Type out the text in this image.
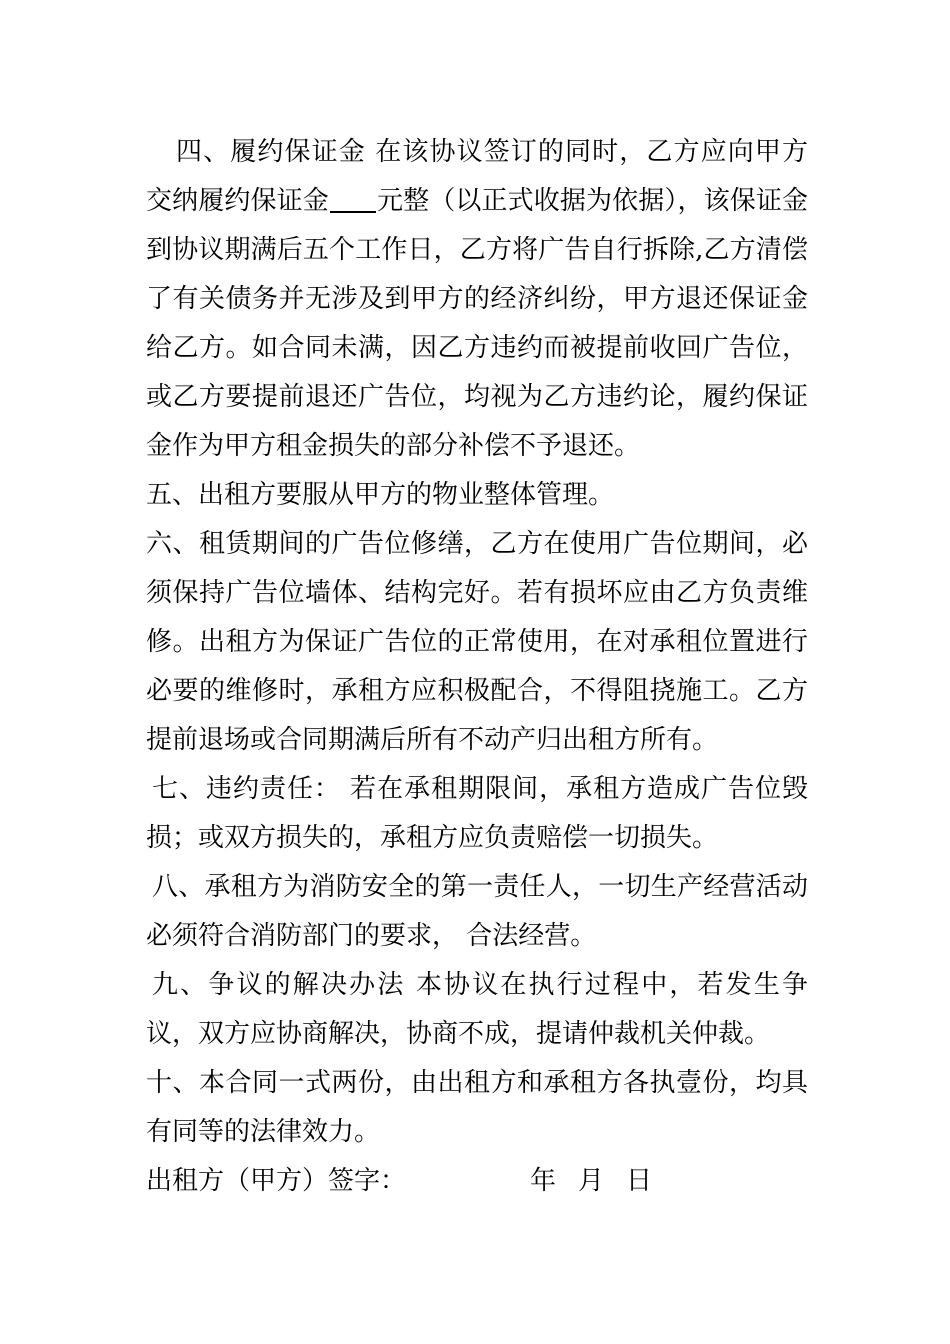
四、履约保证金 在该协议签订的同时，乙方应向甲方交纳履约保证金 元整（以正式收据为依据），该保证金到协议期满后五个工作日，乙方将广告自行拆除,乙方清偿了有关债务并无涉及到甲方的经济纠纷，甲方退还保证金给乙方。如合同未满，因乙方违约而被提前收回广告位，或乙方要提前退还广告位，均视为乙方违约论，履约保证金作为甲方租金损失的部分补偿不予退还。

五、出租方要服从甲方的物业整体管理。

六、租赁期间的广告位修缮，乙方在使用广告位期间，必须保持广告位墙体、结构完好。若有损坏应由乙方负责维修。出租方为保证广告位的正常使用，在对承租位置进行必要的维修时，承租方应积极配合，不得阻挠施工。乙方提前退场或合同期满后所有不动产归出租方所有。

七、违约责任： 若在承租期限间，承租方造成广告位毁损；或双方损失的，承租方应负责赔偿一切损失。

八、承租方为消防安全的第一责任人，一切生产经营活动必须符合消防部门的要求， 合法经营。

九、争议的解决办法 本协议在执行过程中，若发生争议，双方应协商解决，协商不成，提请仲裁机关仲裁。

十、本合同一式两份，由出租方和承租方各执壹份，均具有同等的法律效力。

出租方（甲方）签字：	年 月 日
